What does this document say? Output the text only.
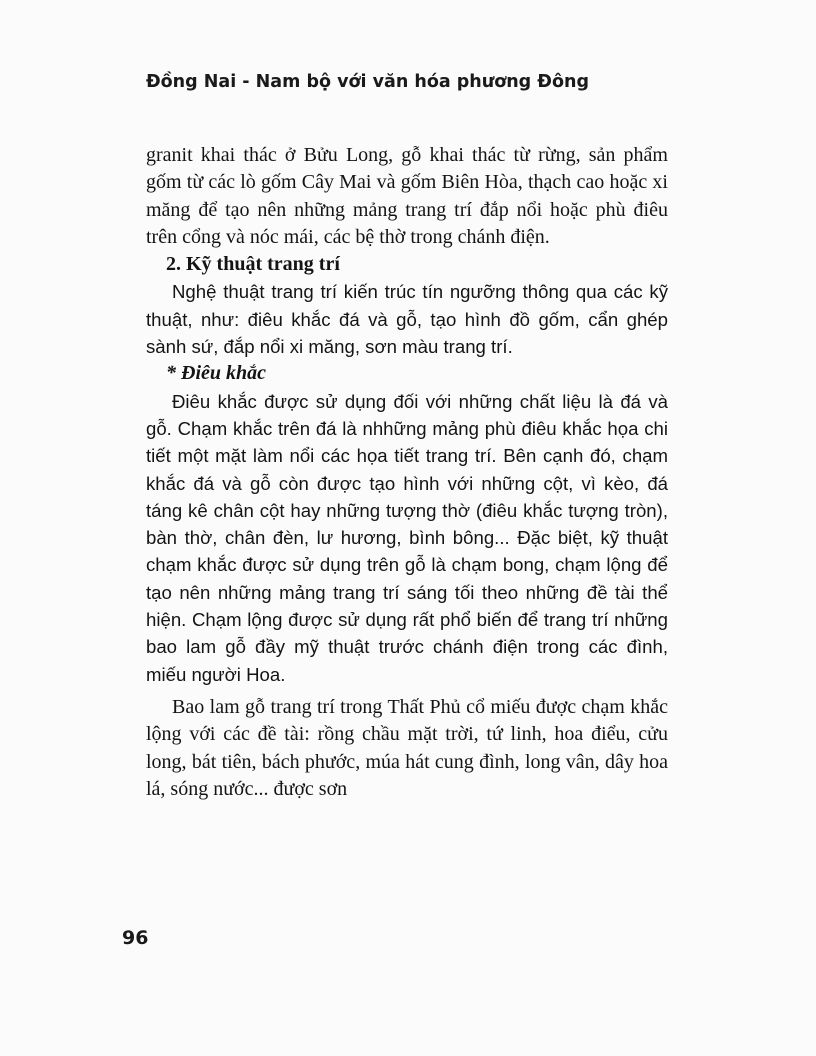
Đồng Nai - Nam bộ với văn hóa phương Đông

granit khai thác ở Bửu Long, gỗ khai thác từ rừng, sản phẩm gốm từ các lò gốm Cây Mai và gốm Biên Hòa, thạch cao hoặc xi măng để tạo nên những mảng trang trí đắp nổi hoặc phù điêu trên cổng và nóc mái, các bệ thờ trong chánh điện.

2. Kỹ thuật trang trí

Nghệ thuật trang trí kiến trúc tín ngưỡng thông qua các kỹ thuật, như: điêu khắc đá và gỗ, tạo hình đồ gốm, cẩn ghép sành sứ, đắp nổi xi măng, sơn màu trang trí.

* Điêu khắc

Điêu khắc được sử dụng đối với những chất liệu là đá và gỗ. Chạm khắc trên đá là nhhững mảng phù điêu khắc họa chi tiết một mặt làm nổi các họa tiết trang trí. Bên cạnh đó, chạm khắc đá và gỗ còn được tạo hình với những cột, vì kèo, đá táng kê chân cột hay những tượng thờ (điêu khắc tượng tròn), bàn thờ, chân đèn, lư hương, bình bông... Đặc biệt, kỹ thuật chạm khắc được sử dụng trên gỗ là chạm bong, chạm lộng để tạo nên những mảng trang trí sáng tối theo những đề tài thể hiện. Chạm lộng được sử dụng rất phổ biến để trang trí những bao lam gỗ đầy mỹ thuật trước chánh điện trong các đình, miếu người Hoa.

Bao lam gỗ trang trí trong Thất Phủ cổ miếu được chạm khắc lộng với các đề tài: rồng chầu mặt trời, tứ linh, hoa điểu, cửu long, bát tiên, bách phước, múa hát cung đình, long vân, dây hoa lá, sóng nước... được sơn

96
